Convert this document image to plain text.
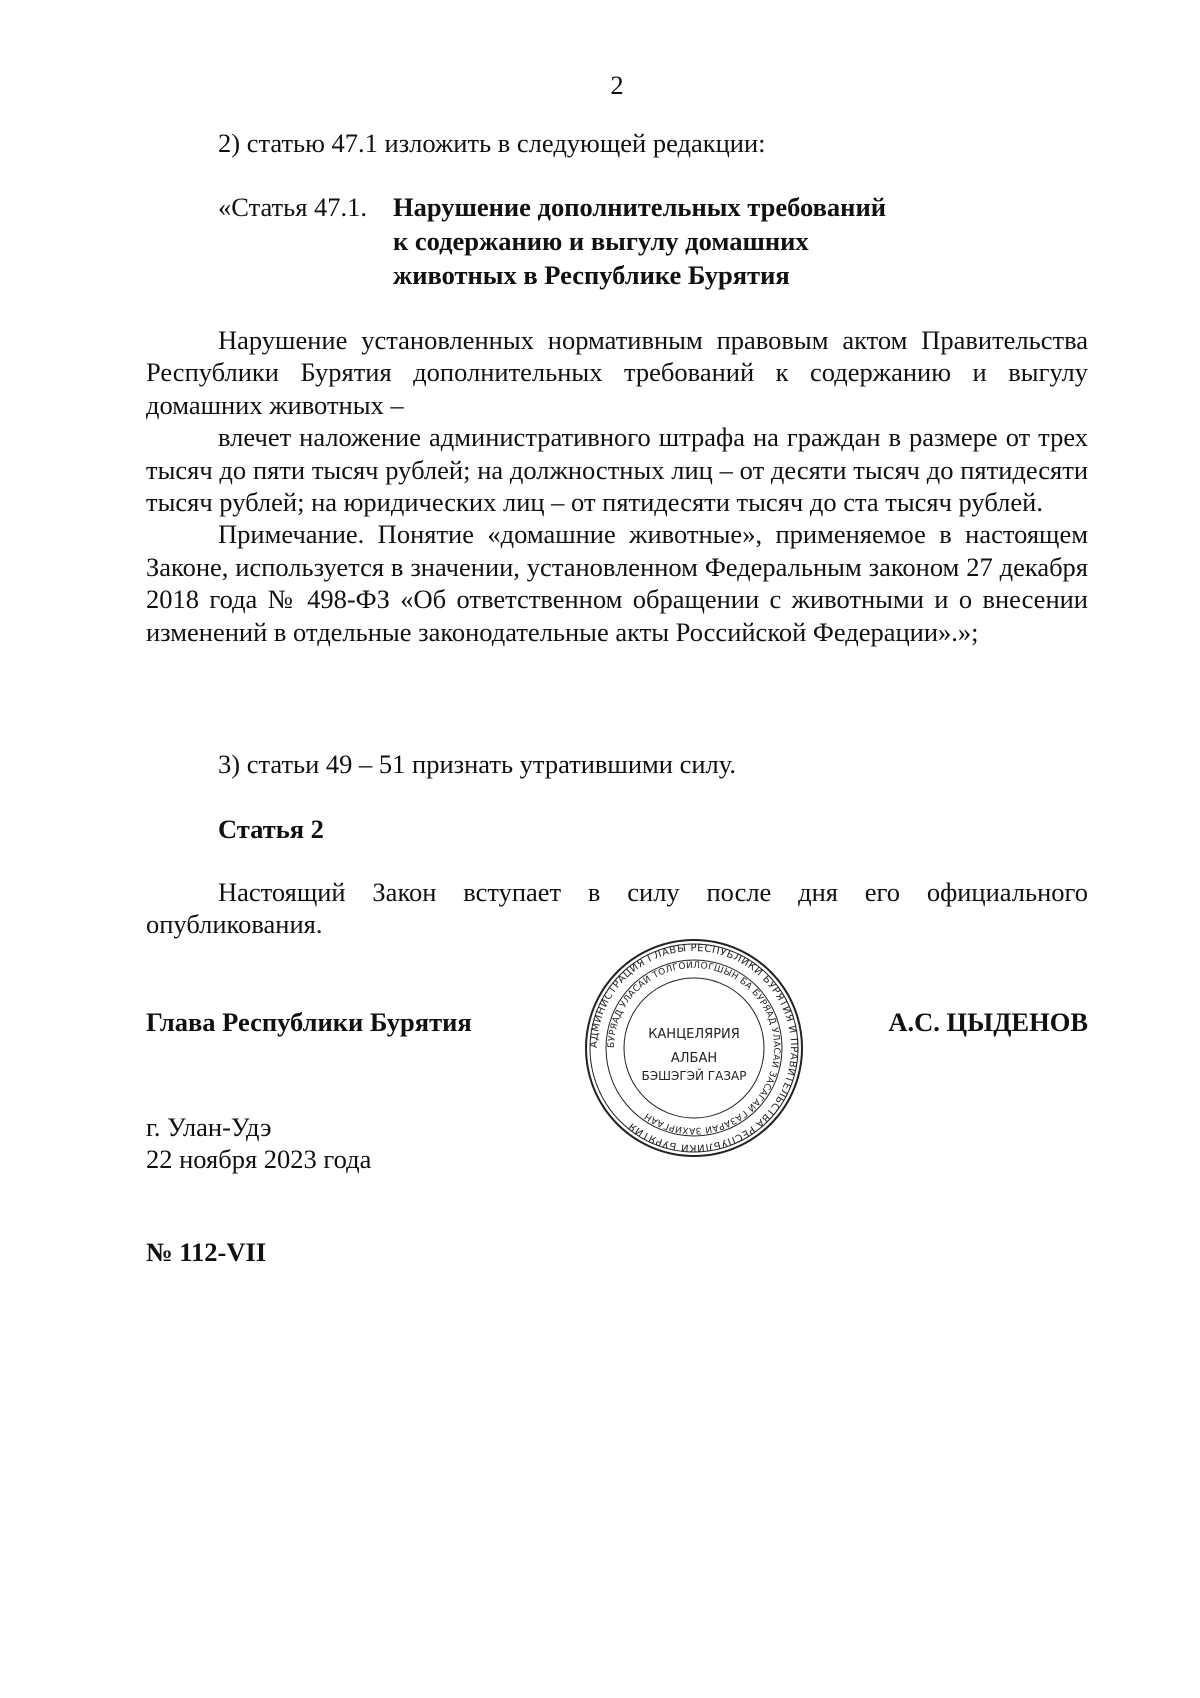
2
2) статью 47.1 изложить в следующей редакции:
«Статья 47.1. Нарушение дополнительных требований
к содержанию и выгулу домашних
животных в Республике Бурятия
Нарушение установленных нормативным правовым актом Правительства Республики Бурятия дополнительных требований к содержанию и выгулу домашних животных –
влечет наложение административного штрафа на граждан в размере от трех тысяч до пяти тысяч рублей; на должностных лиц – от десяти тысяч до пятидесяти тысяч рублей; на юридических лиц – от пятидесяти тысяч до ста тысяч рублей.
Примечание. Понятие «домашние животные», применяемое в настоящем Законе, используется в значении, установленном Федеральным законом 27 декабря 2018 года № 498-ФЗ «Об ответственном обращении с животными и о внесении изменений в отдельные законодательные акты Российской Федерации».»;
3) статьи 49 – 51 признать утратившими силу.
Статья 2
Настоящий Закон вступает в силу после дня его официального опубликования.
АДМИНИСТРАЦИЯ ГЛАВЫ РЕСПУБЛИКИ БУРЯТИЯ И ПРАВИТЕЛЬСТВА РЕСПУБЛИКИ БУРЯТИЯ
БУРЯАД УЛАСАЙ ТОЛГОЙЛОГШЫН БА БУРЯАД УЛАСАЙ ЗАСАГАЙ ГАЗАРАЙ ЗАХИРГААН
КАНЦЕЛЯРИЯ
АЛБАН
БЭШЭГЭЙ ГАЗАР
Глава Республики Бурятия	А.С. ЦЫДЕНОВ
г. Улан-Удэ
22 ноября 2023 года
№ 112-VII
